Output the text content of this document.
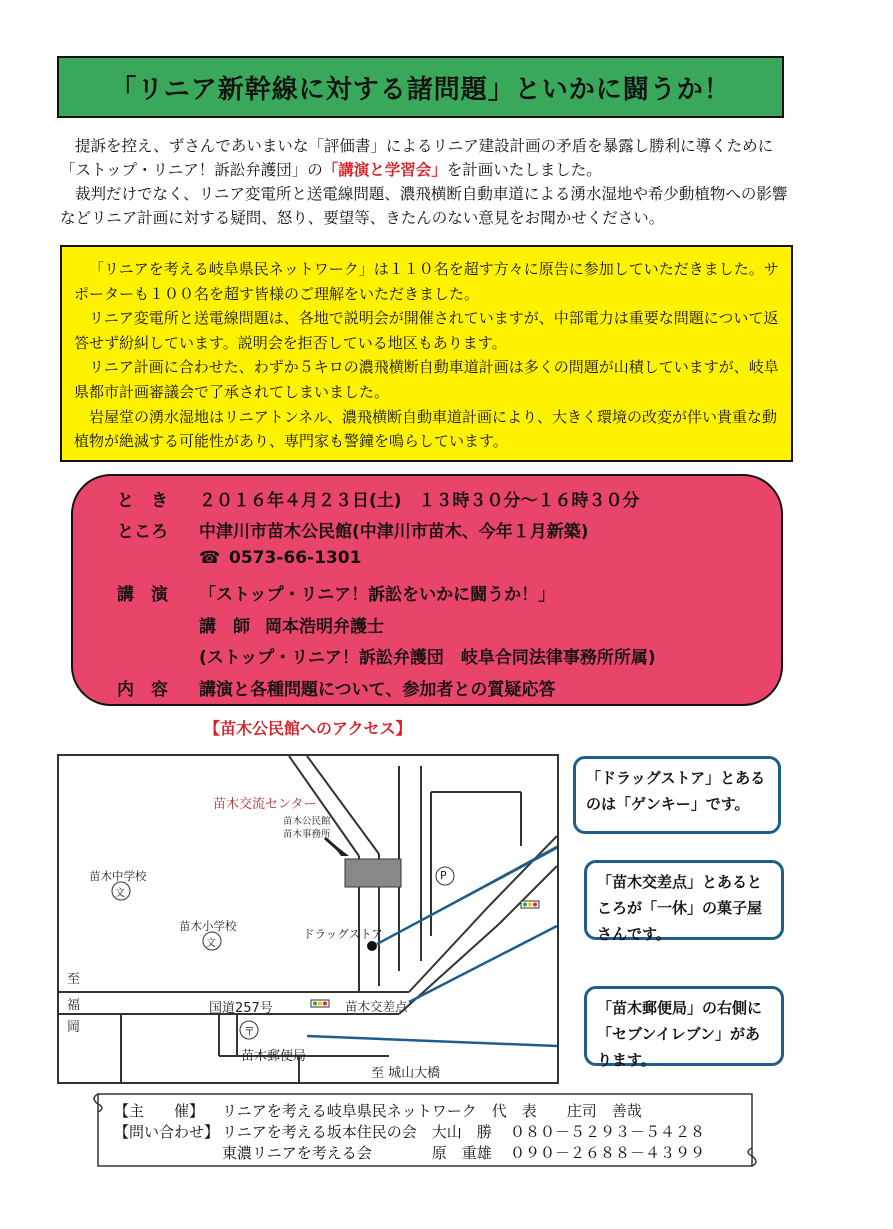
「リニア新幹線に対する諸問題」といかに闘うか！

提訴を控え、ずさんであいまいな「評価書」によるリニア建設計画の矛盾を暴露し勝利に導くために「ストップ・リニア！訴訟弁護団」の「講演と学習会」を計画いたしました。

裁判だけでなく、リニア変電所と送電線問題、濃飛横断自動車道による湧水湿地や希少動植物への影響などリニア計画に対する疑問、怒り、要望等、きたんのない意見をお聞かせください。

「リニアを考える岐阜県民ネットワーク」は１１０名を超す方々に原告に参加していただきました。サポーターも１００名を超す皆様のご理解をいただきました。

リニア変電所と送電線問題は、各地で説明会が開催されていますが、中部電力は重要な問題について返答せず紛糾しています。説明会を拒否している地区もあります。

リニア計画に合わせた、わずか５キロの濃飛横断自動車道計画は多くの問題が山積していますが、岐阜県都市計画審議会で了承されてしまいました。

岩屋堂の湧水湿地はリニアトンネル、濃飛横断自動車道計画により、大きく環境の改変が伴い貴重な動植物が絶滅する可能性があり、専門家も警鐘を鳴らしています。

と　き ２０１６年４月２３日(土)　１３時３０分～１６時３０分
ところ 中津川市苗木公民館(中津川市苗木、今年１月新築)
☎ 0573-66-1301
講　演 「ストップ・リニア！訴訟をいかに闘うか！」
講　師 岡本浩明弁護士
(ストップ・リニア！訴訟弁護団　岐阜合同法律事務所所属)
内　容 講演と各種問題について、参加者との質疑応答
【苗木公民館へのアクセス】
苗木交流センター
苗木公民館
苗木事務所
苗木中学校
文
苗木小学校
文
P
ドラッグストア
国道257号	苗木交差点
〒
苗木郵便局
至 城山大橋
至
福
岡
「ドラッグストア」とあるのは「ゲンキー」です。
「苗木交差点」とあるところが「一休」の菓子屋さんです。
「苗木郵便局」の右側に「セブンイレブン」があります。
【主　　催】 リニアを考える岐阜県民ネットワーク　代　表　　庄司　善哉
【問い合わせ】 リニアを考える坂本住民の会　大山　勝 ０８０－５２９３－５４２８
東濃リニアを考える会　　　　原　重雄 ０９０－２６８８－４３９９
